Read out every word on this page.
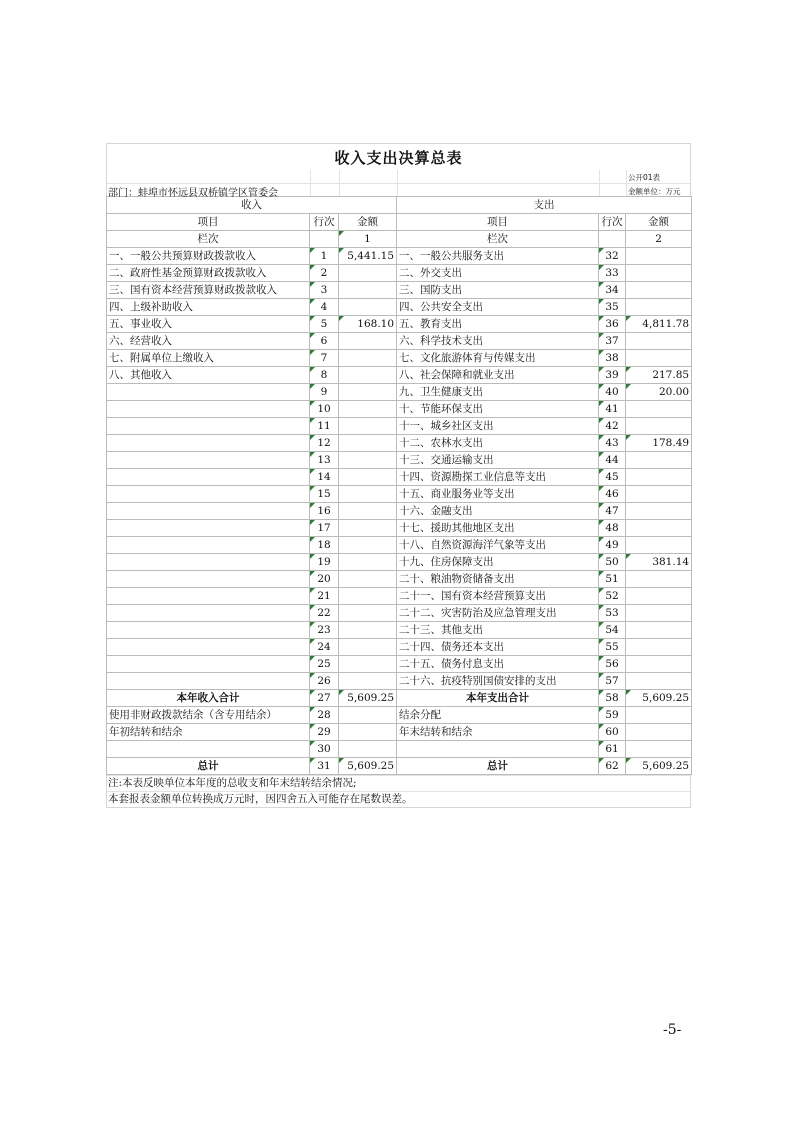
收入支出决算总表
公开01表
金额单位：万元
部门：蚌埠市怀远县双桥镇学区管委会
收入			支出		
项目	行次	金额	项目	行次	金额
栏次		1	栏次		2
一、一般公共预算财政拨款收入	1	5,441.15	一、一般公共服务支出	32	
二、政府性基金预算财政拨款收入	2		二、外交支出	33	
三、国有资本经营预算财政拨款收入	3		三、国防支出	34	
四、上级补助收入	4		四、公共安全支出	35	
五、事业收入	5	168.10	五、教育支出	36	4,811.78
六、经营收入	6		六、科学技术支出	37	
七、附属单位上缴收入	7		七、文化旅游体育与传媒支出	38	
八、其他收入	8		八、社会保障和就业支出	39	217.85
	9		九、卫生健康支出	40	20.00
	10		十、节能环保支出	41	
	11		十一、城乡社区支出	42	
	12		十二、农林水支出	43	178.49
	13		十三、交通运输支出	44	
	14		十四、资源勘探工业信息等支出	45	
	15		十五、商业服务业等支出	46	
	16		十六、金融支出	47	
	17		十七、援助其他地区支出	48	
	18		十八、自然资源海洋气象等支出	49	
	19		十九、住房保障支出	50	381.14
	20		二十、粮油物资储备支出	51	
	21		二十一、国有资本经营预算支出	52	
	22		二十二、灾害防治及应急管理支出	53	
	23		二十三、其他支出	54	
	24		二十四、债务还本支出	55	
	25		二十五、债务付息支出	56	
	26		二十六、抗疫特别国债安排的支出	57	
本年收入合计	27	5,609.25	本年支出合计	58	5,609.25
使用非财政拨款结余（含专用结余）	28		结余分配	59	
年初结转和结余	29		年末结转和结余	60	
	30			61	
总计	31	5,609.25	总计	62	5,609.25
注:本表反映单位本年度的总收支和年末结转结余情况;
本套报表金额单位转换成万元时，因四舍五入可能存在尾数误差。
-5-
